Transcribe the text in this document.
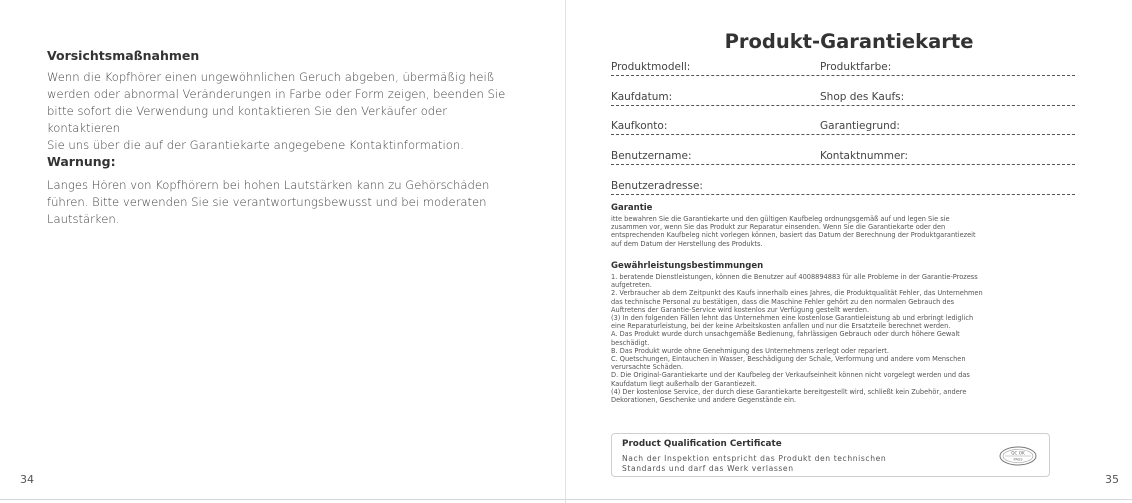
Vorsichtsmaßnahmen
Wenn die Kopfhörer einen ungewöhnlichen Geruch abgeben, übermäßig heiß
werden oder abnormal Veränderungen in Farbe oder Form zeigen, beenden Sie
bitte sofort die Verwendung und kontaktieren Sie den Verkäufer oder kontaktieren
Sie uns über die auf der Garantiekarte angegebene Kontaktinformation.
Warnung:
Langes Hören von Kopfhörern bei hohen Lautstärken kann zu Gehörschäden
führen. Bitte verwenden Sie sie verantwortungsbewusst und bei moderaten
Lautstärken.
34
Produkt-Garantiekarte
Produktmodell:	Produktfarbe:
Kaufdatum:	Shop des Kaufs:
Kaufkonto:	Garantiegrund:
Benutzername:	Kontaktnummer:
Benutzeradresse:
Garantie
itte bewahren Sie die Garantiekarte und den gültigen Kaufbeleg ordnungsgemäß auf und legen Sie sie
zusammen vor, wenn Sie das Produkt zur Reparatur einsenden. Wenn Sie die Garantiekarte oder den
entsprechenden Kaufbeleg nicht vorlegen können, basiert das Datum der Berechnung der Produktgarantiezeit
auf dem Datum der Herstellung des Produkts.
Gewährleistungsbestimmungen
1. beratende Dienstleistungen, können die Benutzer auf 4008894883 für alle Probleme in der Garantie-Prozess
aufgetreten.
2. Verbraucher ab dem Zeitpunkt des Kaufs innerhalb eines Jahres, die Produktqualität Fehler, das Unternehmen
das technische Personal zu bestätigen, dass die Maschine Fehler gehört zu den normalen Gebrauch des
Auftretens der Garantie-Service wird kostenlos zur Verfügung gestellt werden.
(3) In den folgenden Fällen lehnt das Unternehmen eine kostenlose Garantieleistung ab und erbringt lediglich
eine Reparaturleistung, bei der keine Arbeitskosten anfallen und nur die Ersatzteile berechnet werden.
A. Das Produkt wurde durch unsachgemäße Bedienung, fahrlässigen Gebrauch oder durch höhere Gewalt
beschädigt.
B. Das Produkt wurde ohne Genehmigung des Unternehmens zerlegt oder repariert.
C. Quetschungen, Eintauchen in Wasser, Beschädigung der Schale, Verformung und andere vom Menschen
verursachte Schäden.
D. Die Original-Garantiekarte und der Kaufbeleg der Verkaufseinheit können nicht vorgelegt werden und das
Kaufdatum liegt außerhalb der Garantiezeit.
(4) Der kostenlose Service, der durch diese Garantiekarte bereitgestellt wird, schließt kein Zubehör, andere
Dekorationen, Geschenke und andere Gegenstände ein.
Product Qualification Certificate
Nach der Inspektion entspricht das Produkt den technischen
Standards und darf das Werk verlassen
QC OK
PASS
35
